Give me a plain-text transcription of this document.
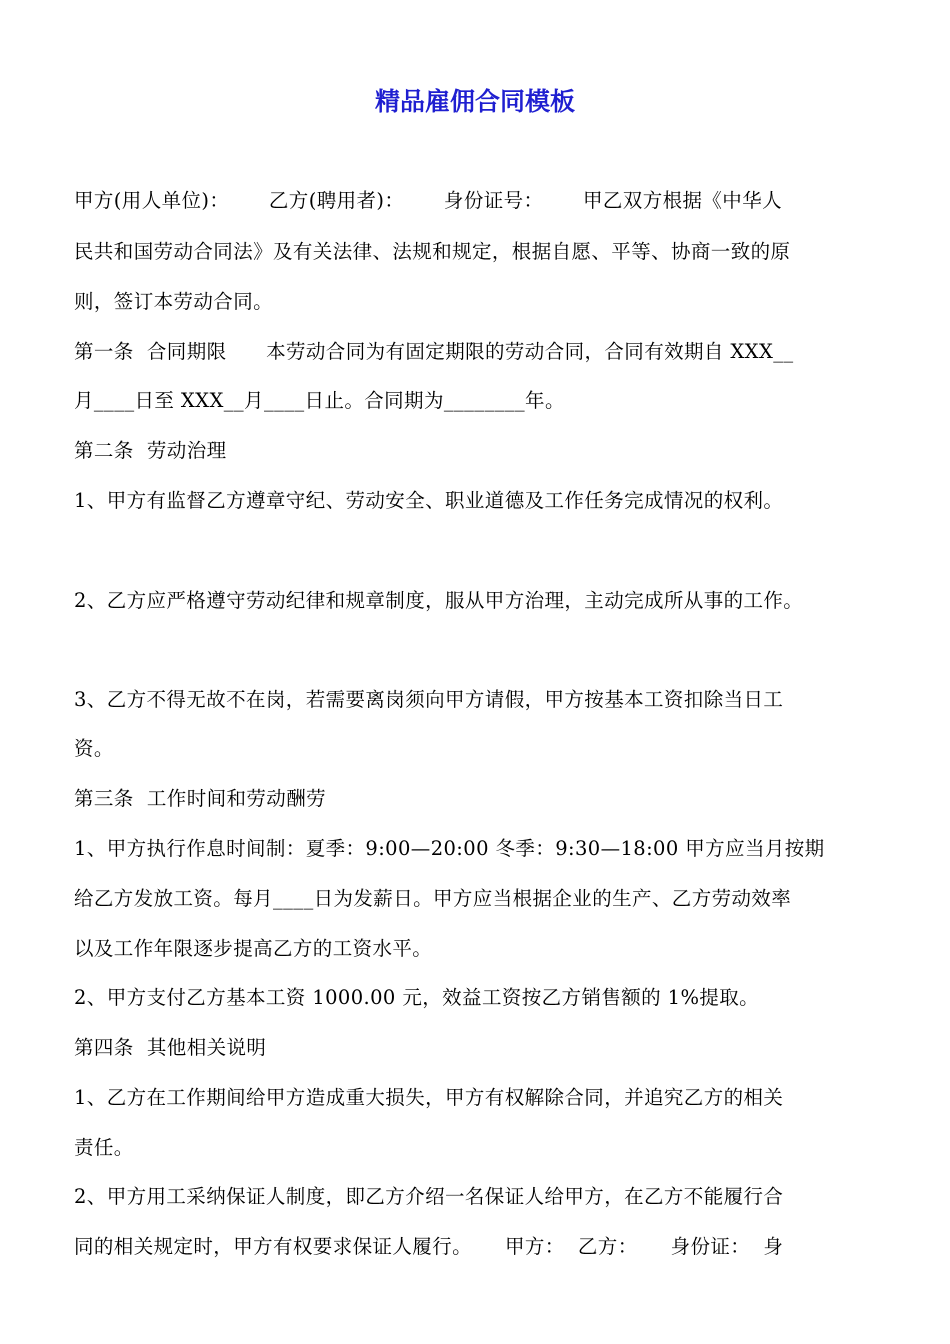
精品雇佣合同模板
甲方(用人单位)：      乙方(聘用者)：      身份证号：      甲乙双方根据《中华人
民共和国劳动合同法》及有关法律、法规和规定，根据自愿、平等、协商一致的原
则，签订本劳动合同。
第一条  合同期限      本劳动合同为有固定期限的劳动合同，合同有效期自 XXX__
月____日至 XXX__月____日止。合同期为________年。
第二条  劳动治理
1、甲方有监督乙方遵章守纪、劳动安全、职业道德及工作任务完成情况的权利。
2、乙方应严格遵守劳动纪律和规章制度，服从甲方治理，主动完成所从事的工作。
3、乙方不得无故不在岗，若需要离岗须向甲方请假，甲方按基本工资扣除当日工
资。
第三条  工作时间和劳动酬劳
1、甲方执行作息时间制：夏季：9:00—20:00 冬季：9:30—18:00 甲方应当月按期
给乙方发放工资。每月____日为发薪日。甲方应当根据企业的生产、乙方劳动效率
以及工作年限逐步提高乙方的工资水平。
2、甲方支付乙方基本工资 1000.00 元，效益工资按乙方销售额的 1%提取。
第四条  其他相关说明
1、乙方在工作期间给甲方造成重大损失，甲方有权解除合同，并追究乙方的相关
责任。
2、甲方用工采纳保证人制度，即乙方介绍一名保证人给甲方，在乙方不能履行合
同的相关规定时，甲方有权要求保证人履行。     甲方：  乙方：     身份证：  身
